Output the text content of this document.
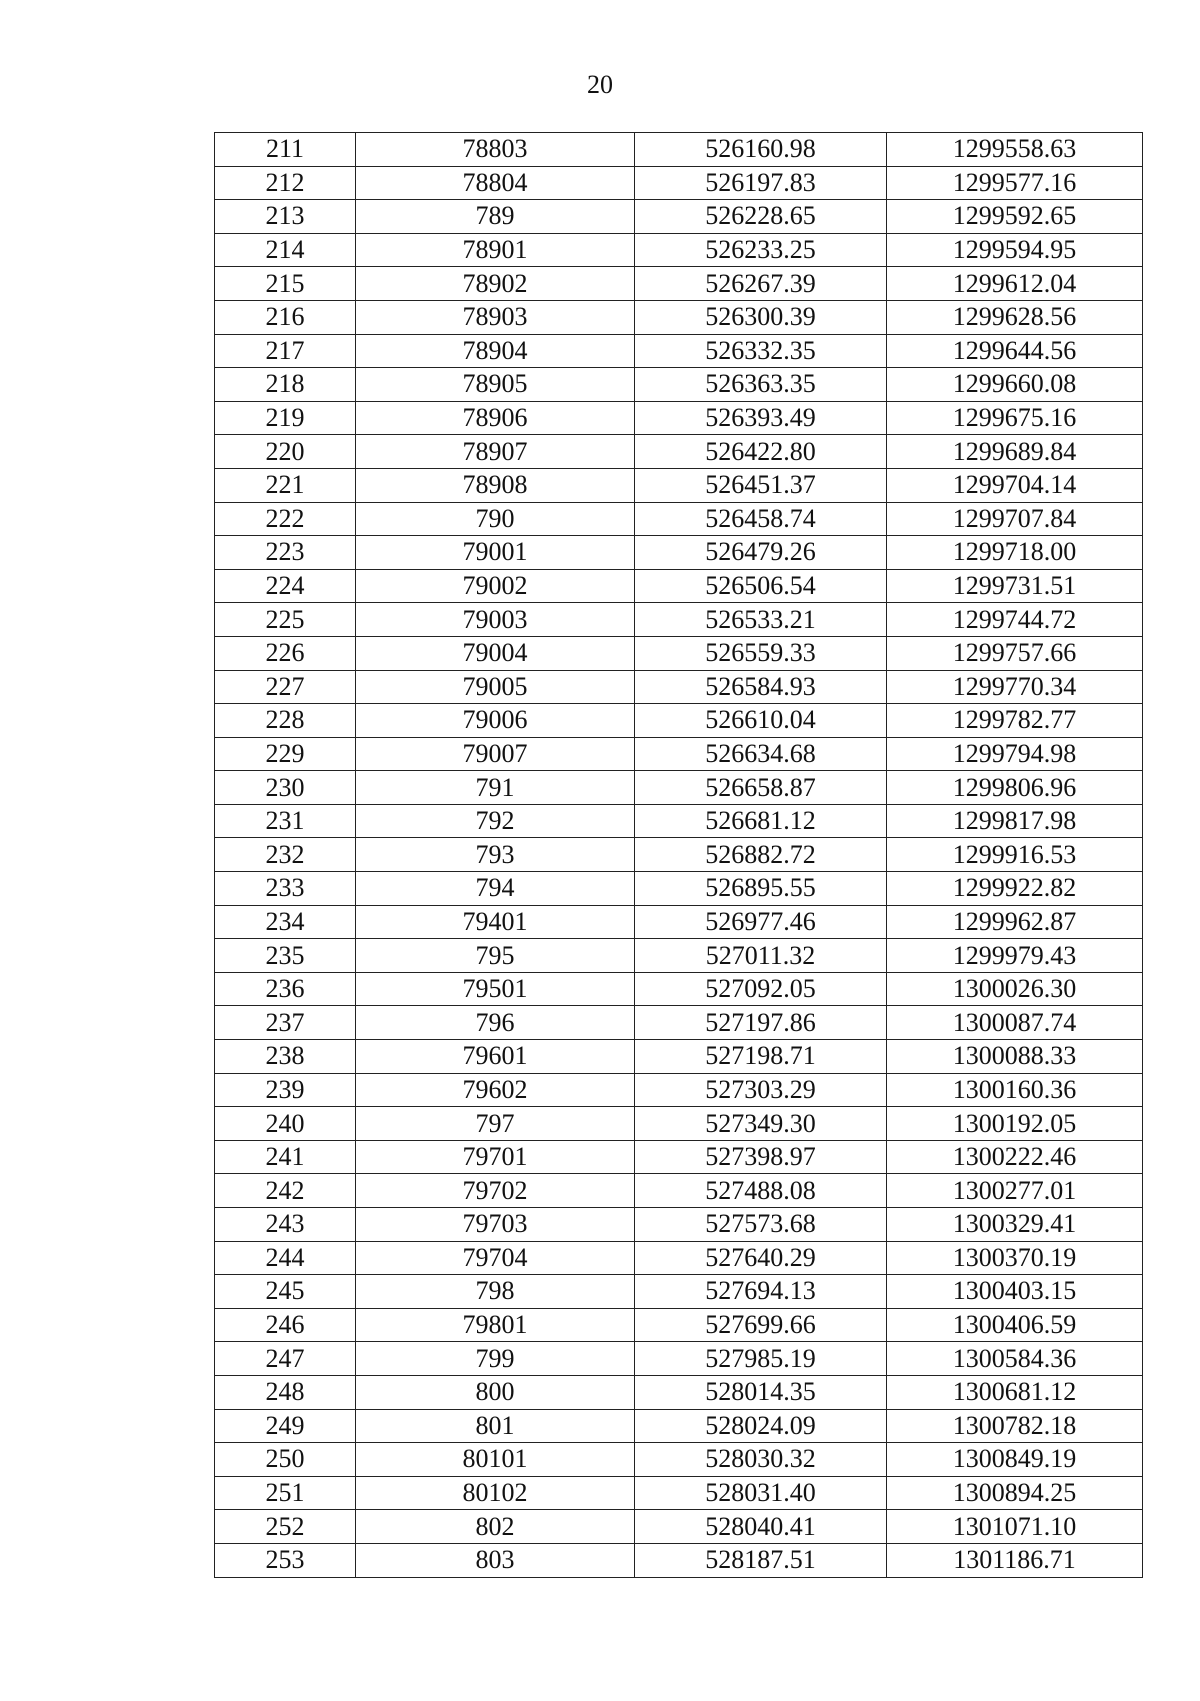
20
211	78803	526160.98	1299558.63
212	78804	526197.83	1299577.16
213	789	526228.65	1299592.65
214	78901	526233.25	1299594.95
215	78902	526267.39	1299612.04
216	78903	526300.39	1299628.56
217	78904	526332.35	1299644.56
218	78905	526363.35	1299660.08
219	78906	526393.49	1299675.16
220	78907	526422.80	1299689.84
221	78908	526451.37	1299704.14
222	790	526458.74	1299707.84
223	79001	526479.26	1299718.00
224	79002	526506.54	1299731.51
225	79003	526533.21	1299744.72
226	79004	526559.33	1299757.66
227	79005	526584.93	1299770.34
228	79006	526610.04	1299782.77
229	79007	526634.68	1299794.98
230	791	526658.87	1299806.96
231	792	526681.12	1299817.98
232	793	526882.72	1299916.53
233	794	526895.55	1299922.82
234	79401	526977.46	1299962.87
235	795	527011.32	1299979.43
236	79501	527092.05	1300026.30
237	796	527197.86	1300087.74
238	79601	527198.71	1300088.33
239	79602	527303.29	1300160.36
240	797	527349.30	1300192.05
241	79701	527398.97	1300222.46
242	79702	527488.08	1300277.01
243	79703	527573.68	1300329.41
244	79704	527640.29	1300370.19
245	798	527694.13	1300403.15
246	79801	527699.66	1300406.59
247	799	527985.19	1300584.36
248	800	528014.35	1300681.12
249	801	528024.09	1300782.18
250	80101	528030.32	1300849.19
251	80102	528031.40	1300894.25
252	802	528040.41	1301071.10
253	803	528187.51	1301186.71
